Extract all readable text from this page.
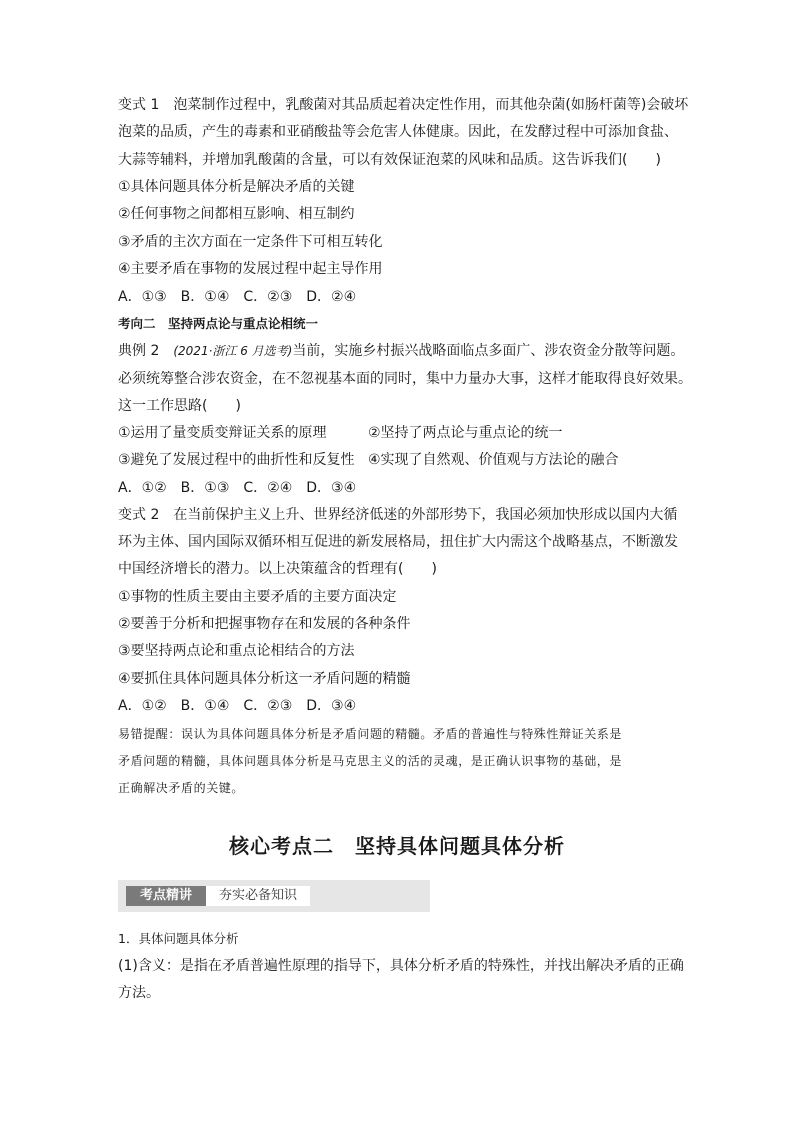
变式 1　泡菜制作过程中，乳酸菌对其品质起着决定性作用，而其他杂菌(如肠杆菌等)会破坏
泡菜的品质，产生的毒素和亚硝酸盐等会危害人体健康。因此，在发酵过程中可添加食盐、
大蒜等辅料，并增加乳酸菌的含量，可以有效保证泡菜的风味和品质。这告诉我们(　　)
①具体问题具体分析是解决矛盾的关键
②任何事物之间都相互影响、相互制约
③矛盾的主次方面在一定条件下可相互转化
④主要矛盾在事物的发展过程中起主导作用
A．①③　B．①④　C．②③　D．②④
考向二　坚持两点论与重点论相统一
典例 2　(2021·浙江 6 月选考)当前，实施乡村振兴战略面临点多面广、涉农资金分散等问题。
必须统筹整合涉农资金，在不忽视基本面的同时，集中力量办大事，这样才能取得良好效果。
这一工作思路(　　)
①运用了量变质变辩证关系的原理	②坚持了两点论与重点论的统一
③避免了发展过程中的曲折性和反复性 ④实现了自然观、价值观与方法论的融合
A．①②　B．①③　C．②④　D．③④
变式 2　在当前保护主义上升、世界经济低迷的外部形势下，我国必须加快形成以国内大循
环为主体、国内国际双循环相互促进的新发展格局，扭住扩大内需这个战略基点，不断激发
中国经济增长的潜力。以上决策蕴含的哲理有(　　)
①事物的性质主要由主要矛盾的主要方面决定
②要善于分析和把握事物存在和发展的各种条件
③要坚持两点论和重点论相结合的方法
④要抓住具体问题具体分析这一矛盾问题的精髓
A．①②　B．①④　C．②③　D．③④
易错提醒：误认为具体问题具体分析是矛盾问题的精髓。矛盾的普遍性与特殊性辩证关系是
矛盾问题的精髓，具体问题具体分析是马克思主义的活的灵魂，是正确认识事物的基础，是
正确解决矛盾的关键。
核心考点二　坚持具体问题具体分析
考点精讲	夯实必备知识
1．具体问题具体分析
(1)含义：是指在矛盾普遍性原理的指导下，具体分析矛盾的特殊性，并找出解决矛盾的正确
方法。
